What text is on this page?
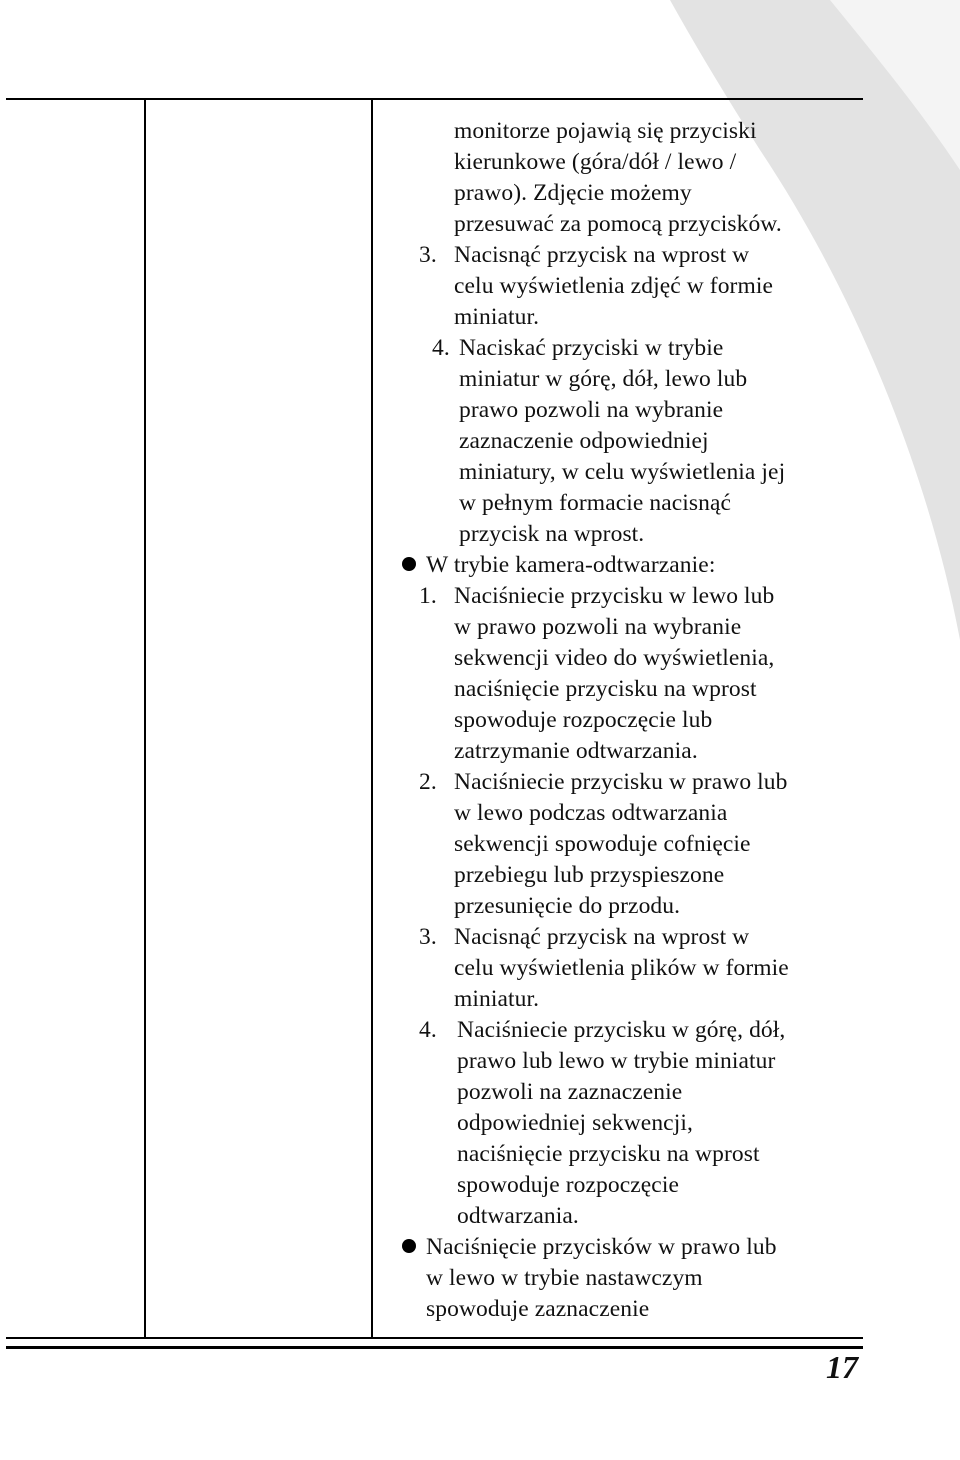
monitorze pojawią się przyciski
kierunkowe (góra/dół / lewo /
prawo). Zdjęcie możemy
przesuwać za pomocą przycisków.
3. Nacisnąć przycisk na wprost w
celu wyświetlenia zdjęć w formie
miniatur.
4. Naciskać przyciski w trybie
miniatur w górę, dół, lewo lub
prawo pozwoli na wybranie
zaznaczenie odpowiedniej
miniatury, w celu wyświetlenia jej
w pełnym formacie nacisnąć
przycisk na wprost.
W trybie kamera-odtwarzanie:
1. Naciśniecie przycisku w lewo lub
w prawo pozwoli na wybranie
sekwencji video do wyświetlenia,
naciśnięcie przycisku na wprost
spowoduje rozpoczęcie lub
zatrzymanie odtwarzania.
2. Naciśniecie przycisku w prawo lub
w lewo podczas odtwarzania
sekwencji spowoduje cofnięcie
przebiegu lub przyspieszone
przesunięcie do przodu.
3. Nacisnąć przycisk na wprost w
celu wyświetlenia plików w formie
miniatur.
4. Naciśniecie przycisku w górę, dół,
prawo lub lewo w trybie miniatur
pozwoli na zaznaczenie
odpowiedniej sekwencji,
naciśnięcie przycisku na wprost
spowoduje rozpoczęcie
odtwarzania.
Naciśnięcie przycisków w prawo lub
w lewo w trybie nastawczym
spowoduje zaznaczenie
17
